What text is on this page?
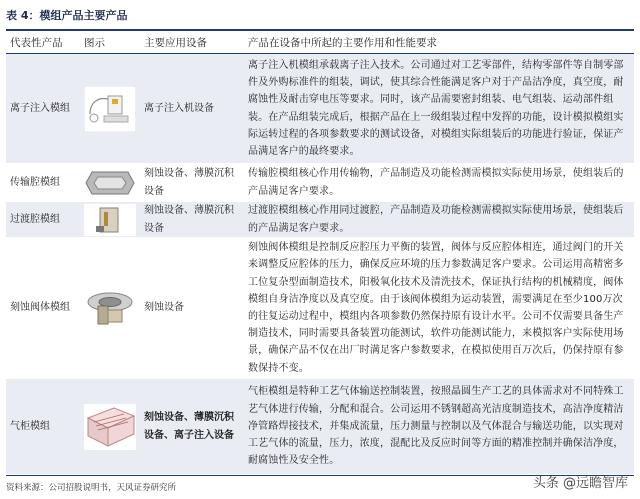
表 4：模组产品主要产品
代表性产品	图示	主要应用设备	产品在设备中所起的主要作用和性能要求
离子注入模组		离子注入机设备	离子注入机模组承载离子注入技术。公司通过对工艺零部件，结构零部件等自制零部件及外购标准件的组装，调试，使其综合性能满足客户对于产品洁净度，真空度，耐腐蚀性及耐击穿电压等要求。同时，该产品需要密封组装、电气组装、运动部件组装。在产品组装完成后，根据产品在上一级组装过程中发挥的功能，设计模拟模组实际运转过程的各项参数要求的测试设备，对模组实际组装后的功能进行验证，保证产品满足客户的最终要求。
传输腔模组		刻蚀设备、薄膜沉积设备	传输腔模组核心作用传输物，产品制造及功能检测需模拟实际使用场景，使组装后的产品满足客户要求。
过渡腔模组		刻蚀设备、薄膜沉积设备	过渡腔模组核心作用同过渡腔，产品制造及功能检测需模拟实际使用场景，使组装后的产品满足客户要求。
刻蚀阀体模组		刻蚀设备	刻蚀阀体模组是控制反应腔压力平衡的装置，阀体与反应腔体相连，通过阀门的开关来调整反应腔体的压力，确保反应环境的压力参数满足客户要求。公司运用高精密多工位复杂型面制造技术，阳极氧化技术及清洗技术，保证执行结构的机械精度，阀体模组自身洁净度以及真空度。由于该阀体模组为运动装置，需要满足在至少100万次的往复运动过程中，模组内各项参数仍然保持原有设计水平。公司不仅需要具备生产制造技术，同时需要具备装置功能测试，软件功能测试能力，来模拟客户实际使用场景，确保产品不仅在出厂时满足客户参数要求，在模拟使用百万次后，仍保持原有参数保持不变。
气柜模组		刻蚀设备、薄膜沉积设备、离子注入设备	气柜模组是特种工艺气体输送控制装置，按照晶圆生产工艺的具体需求对不同特殊工艺气体进行传输，分配和混合。公司运用不锈钢超高光洁度制造技术，高洁净度精洁净管路焊接技术，并集成流量，压力测量与控制以及气体混合与输送功能，以实现对工艺气体的流量，压力，浓度，混配比及反应时间等方面的精准控制并确保洁净度，耐腐蚀性及安全性。
资料来源：公司招股说明书，天风证券研究所	头条 @远瞻智库
